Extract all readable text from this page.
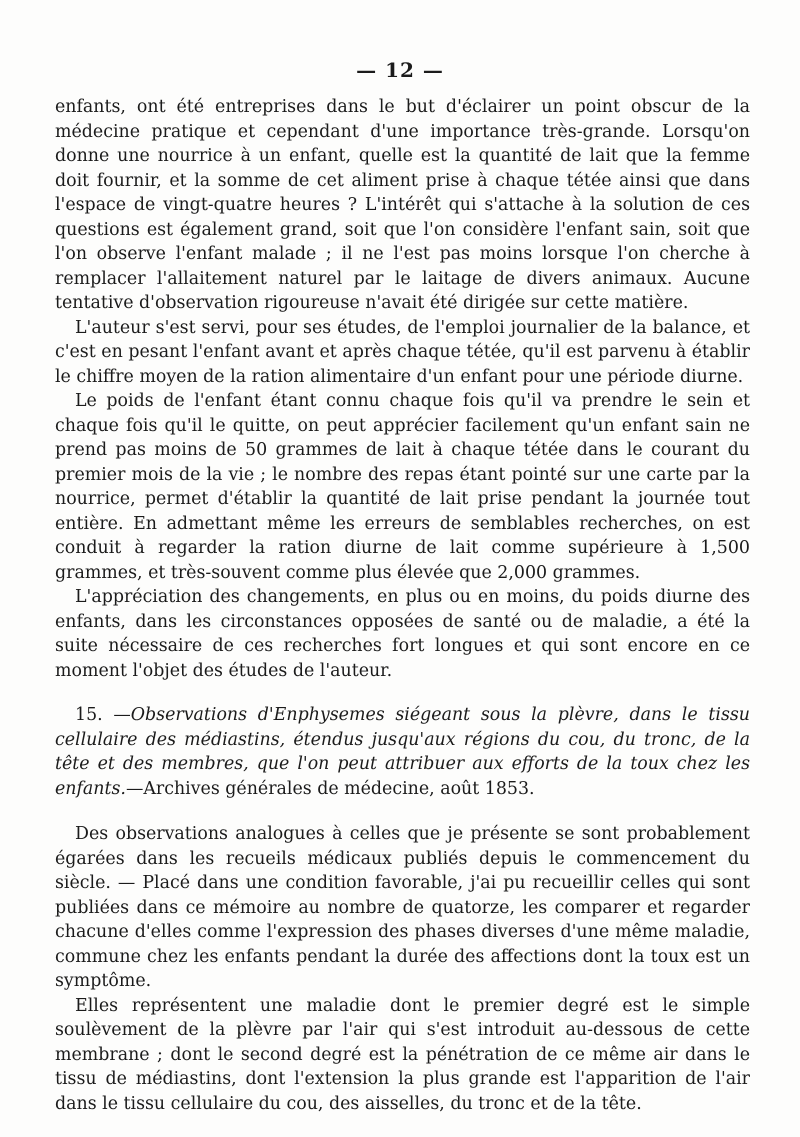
— 12 —

enfants, ont été entreprises dans le but d'éclairer un point obscur de la médecine pratique et cependant d'une importance très-grande. Lorsqu'on donne une nourrice à un enfant, quelle est la quantité de lait que la femme doit fournir, et la somme de cet aliment prise à chaque tétée ainsi que dans l'espace de vingt-quatre heures ? L'intérêt qui s'attache à la solution de ces questions est également grand, soit que l'on considère l'enfant sain, soit que l'on observe l'enfant malade ; il ne l'est pas moins lorsque l'on cherche à remplacer l'allaitement naturel par le laitage de divers animaux. Aucune tentative d'observation rigoureuse n'avait été dirigée sur cette matière.

L'auteur s'est servi, pour ses études, de l'emploi journalier de la balance, et c'est en pesant l'enfant avant et après chaque tétée, qu'il est parvenu à établir le chiffre moyen de la ration alimentaire d'un enfant pour une période diurne.

Le poids de l'enfant étant connu chaque fois qu'il va prendre le sein et chaque fois qu'il le quitte, on peut apprécier facilement qu'un enfant sain ne prend pas moins de 50 grammes de lait à chaque tétée dans le courant du premier mois de la vie ; le nombre des repas étant pointé sur une carte par la nourrice, permet d'établir la quantité de lait prise pendant la journée tout entière. En admettant même les erreurs de semblables recherches, on est conduit à regarder la ration diurne de lait comme supérieure à 1,500 grammes, et très-souvent comme plus élevée que 2,000 grammes.

L'appréciation des changements, en plus ou en moins, du poids diurne des enfants, dans les circonstances opposées de santé ou de maladie, a été la suite nécessaire de ces recherches fort longues et qui sont encore en ce moment l'objet des études de l'auteur.

15. —Observations d'Enphysemes siégeant sous la plèvre, dans le tissu cellulaire des médiastins, étendus jusqu'aux régions du cou, du tronc, de la tête et des membres, que l'on peut attribuer aux efforts de la toux chez les enfants.—Archives générales de médecine, août 1853.

Des observations analogues à celles que je présente se sont probablement égarées dans les recueils médicaux publiés depuis le commencement du siècle. — Placé dans une condition favorable, j'ai pu recueillir celles qui sont publiées dans ce mémoire au nombre de quatorze, les comparer et regarder chacune d'elles comme l'expression des phases diverses d'une même maladie, commune chez les enfants pendant la durée des affections dont la toux est un symptôme.

Elles représentent une maladie dont le premier degré est le simple soulèvement de la plèvre par l'air qui s'est introduit au-dessous de cette membrane ; dont le second degré est la pénétration de ce même air dans le tissu de médiastins, dont l'extension la plus grande est l'apparition de l'air dans le tissu cellulaire du cou, des aisselles, du tronc et de la tête.
